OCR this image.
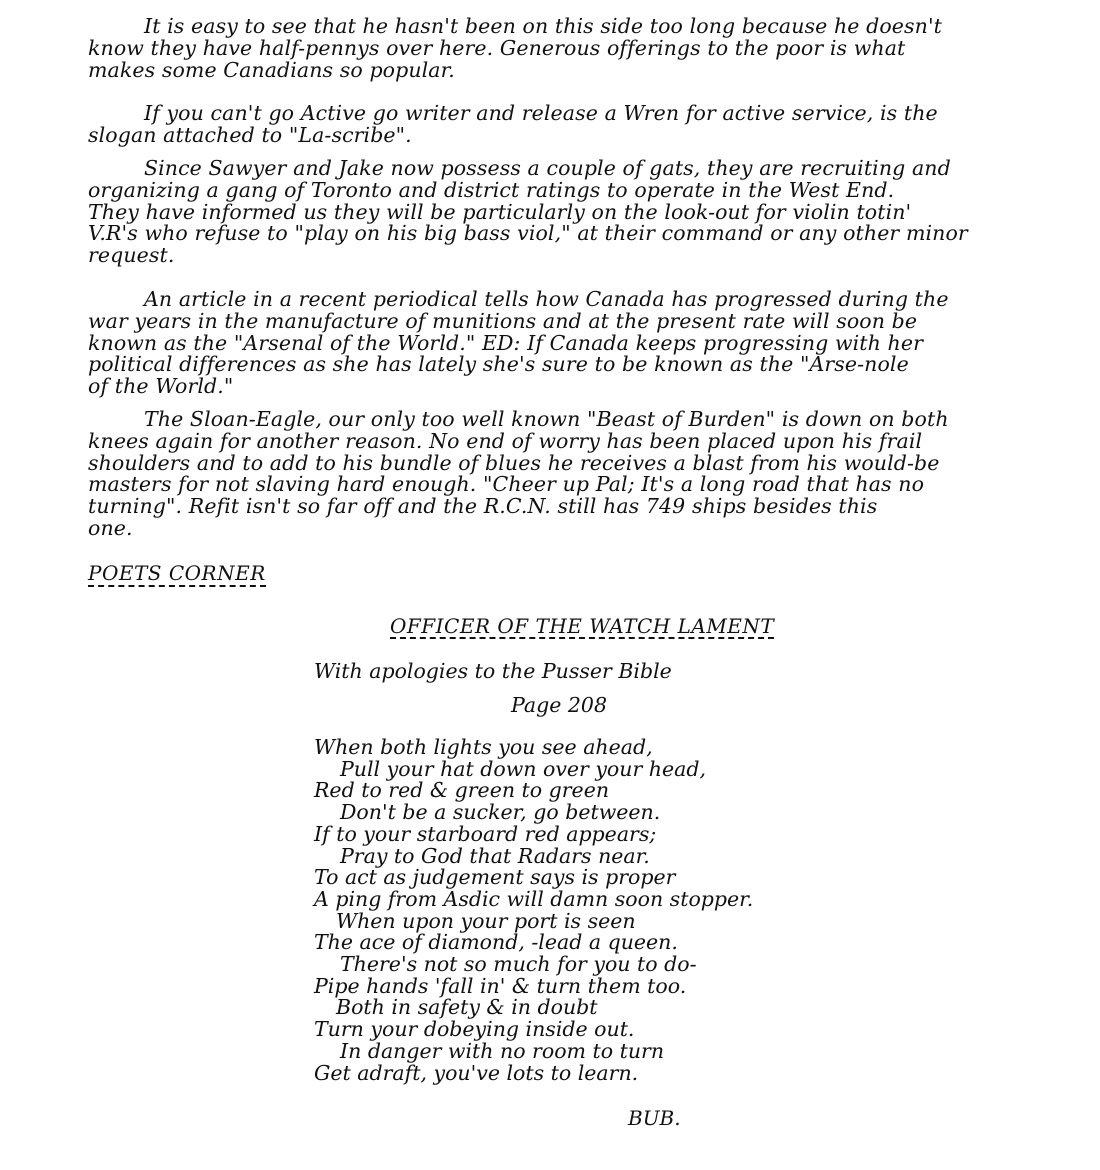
It is easy to see that he hasn't been on this side too long because he doesn't
know they have half-pennys over here. Generous offerings to the poor is what
makes some Canadians so popular.

If you can't go Active go writer and release a Wren for active service, is the
slogan attached to "La-scribe".

Since Sawyer and Jake now possess a couple of gats, they are recruiting and
organizing a gang of Toronto and district ratings to operate in the West End.
They have informed us they will be particularly on the look-out for violin totin'
V.R's who refuse to "play on his big bass viol," at their command or any other minor
request.

An article in a recent periodical tells how Canada has progressed during the
war years in the manufacture of munitions and at the present rate will soon be
known as the "Arsenal of the World." ED: If Canada keeps progressing with her
political differences as she has lately she's sure to be known as the "Arse-nole
of the World."

The Sloan-Eagle, our only too well known "Beast of Burden" is down on both
knees again for another reason. No end of worry has been placed upon his frail
shoulders and to add to his bundle of blues he receives a blast from his would-be
masters for not slaving hard enough. "Cheer up Pal; It's a long road that has no
turning". Refit isn't so far off and the R.C.N. still has 749 ships besides this
one.

POETS CORNER

OFFICER OF THE WATCH LAMENT

With apologies to the Pusser Bible

Page 208

When both lights you see ahead,
Pull your hat down over your head,
Red to red & green to green
Don't be a sucker, go between.
If to your starboard red appears;
Pray to God that Radars near.
To act as judgement says is proper
A ping from Asdic will damn soon stopper.
When upon your port is seen
The ace of diamond, -lead a queen.
There's not so much for you to do-
Pipe hands 'fall in' & turn them too.
Both in safety & in doubt
Turn your dobeying inside out.
In danger with no room to turn
Get adraft, you've lots to learn.

BUB.
